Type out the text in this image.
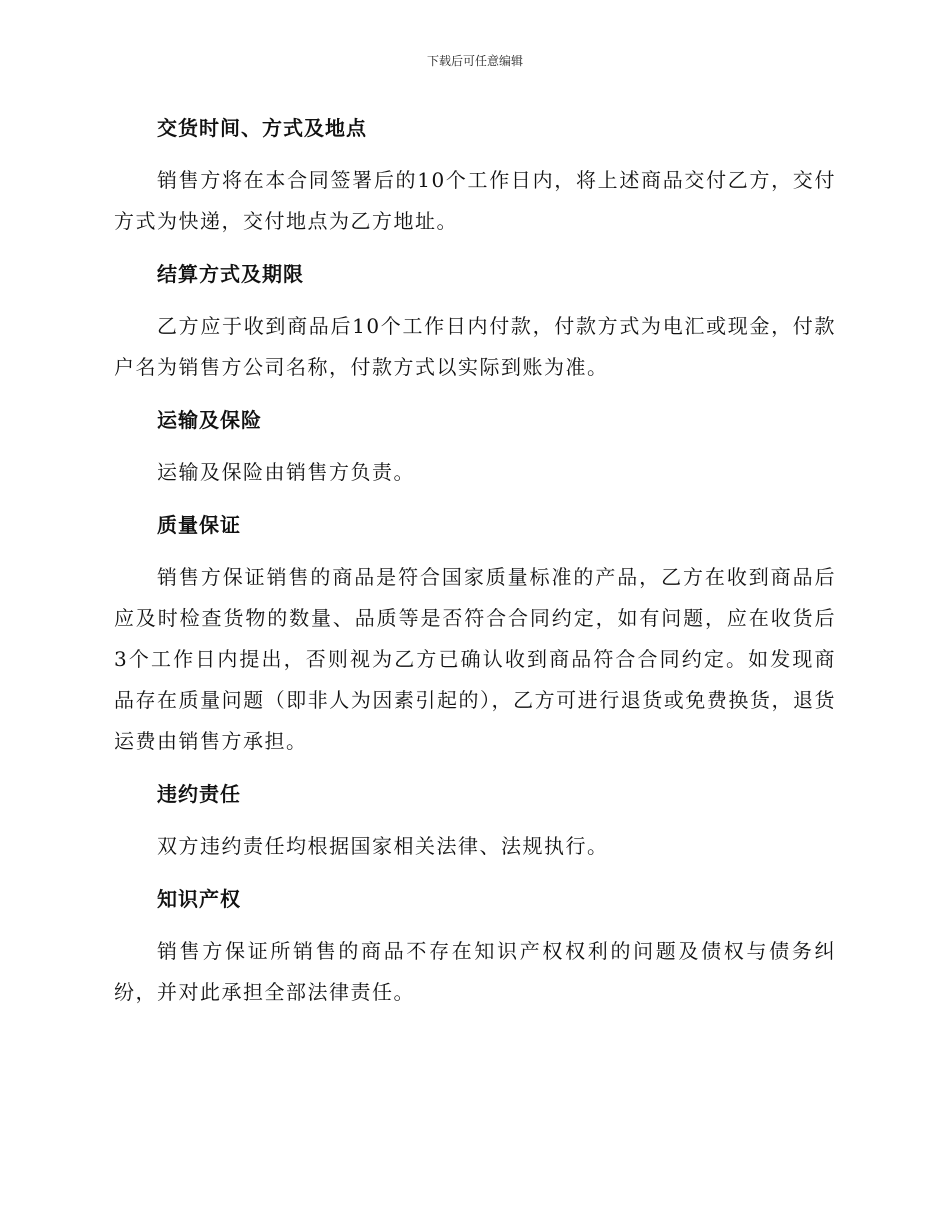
下载后可任意编辑
交货时间、方式及地点
销售方将在本合同签署后的10个工作日内，将上述商品交付乙方，交付方式为快递，交付地点为乙方地址。
结算方式及期限
乙方应于收到商品后10个工作日内付款，付款方式为电汇或现金，付款户名为销售方公司名称，付款方式以实际到账为准。
运输及保险
运输及保险由销售方负责。
质量保证
销售方保证销售的商品是符合国家质量标准的产品，乙方在收到商品后应及时检查货物的数量、品质等是否符合合同约定，如有问题，应在收货后3个工作日内提出，否则视为乙方已确认收到商品符合合同约定。如发现商品存在质量问题（即非人为因素引起的），乙方可进行退货或免费换货，退货运费由销售方承担。
违约责任
双方违约责任均根据国家相关法律、法规执行。
知识产权
销售方保证所销售的商品不存在知识产权权利的问题及债权与债务纠纷，并对此承担全部法律责任。
